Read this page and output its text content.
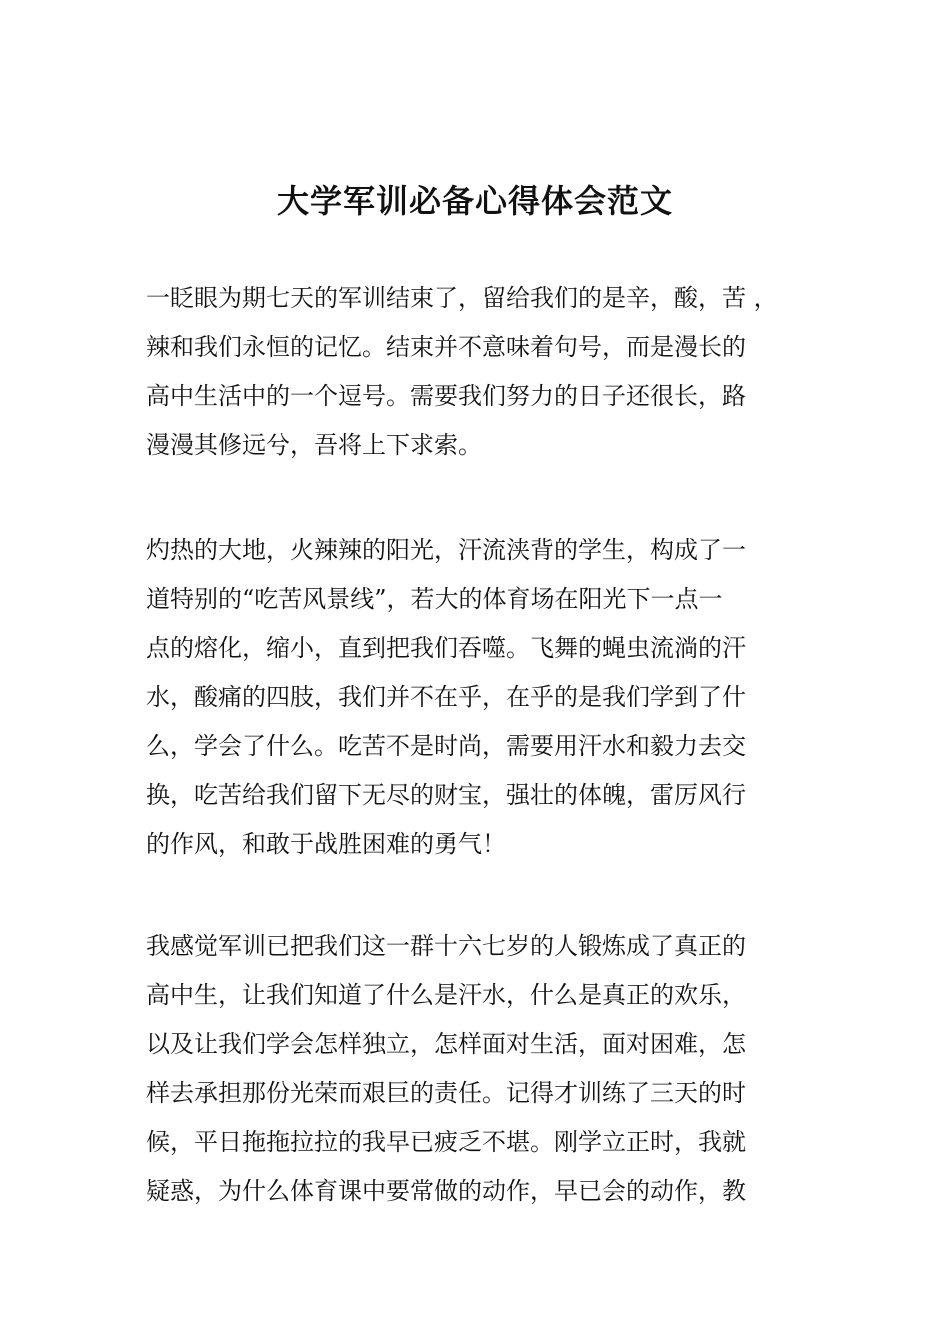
大学军训必备心得体会范文
一眨眼为期七天的军训结束了，留给我们的是辛，酸，苦 ，
辣和我们永恒的记忆。结束并不意味着句号，而是漫长的
高中生活中的一个逗号。需要我们努力的日子还很长，路
漫漫其修远兮，吾将上下求索。
灼热的大地，火辣辣的阳光，汗流浃背的学生，构成了一
道特别的“吃苦风景线”，若大的体育场在阳光下一点一
点的熔化，缩小，直到把我们吞噬。飞舞的蝇虫流淌的汗
水，酸痛的四肢，我们并不在乎，在乎的是我们学到了什
么，学会了什么。吃苦不是时尚，需要用汗水和毅力去交
换，吃苦给我们留下无尽的财宝，强壮的体魄，雷厉风行
的作风，和敢于战胜困难的勇气！
我感觉军训已把我们这一群十六七岁的人锻炼成了真正的
高中生，让我们知道了什么是汗水，什么是真正的欢乐，
以及让我们学会怎样独立，怎样面对生活，面对困难，怎
样去承担那份光荣而艰巨的责任。记得才训练了三天的时
候，平日拖拖拉拉的我早已疲乏不堪。刚学立正时，我就
疑惑，为什么体育课中要常做的动作，早已会的动作，教
